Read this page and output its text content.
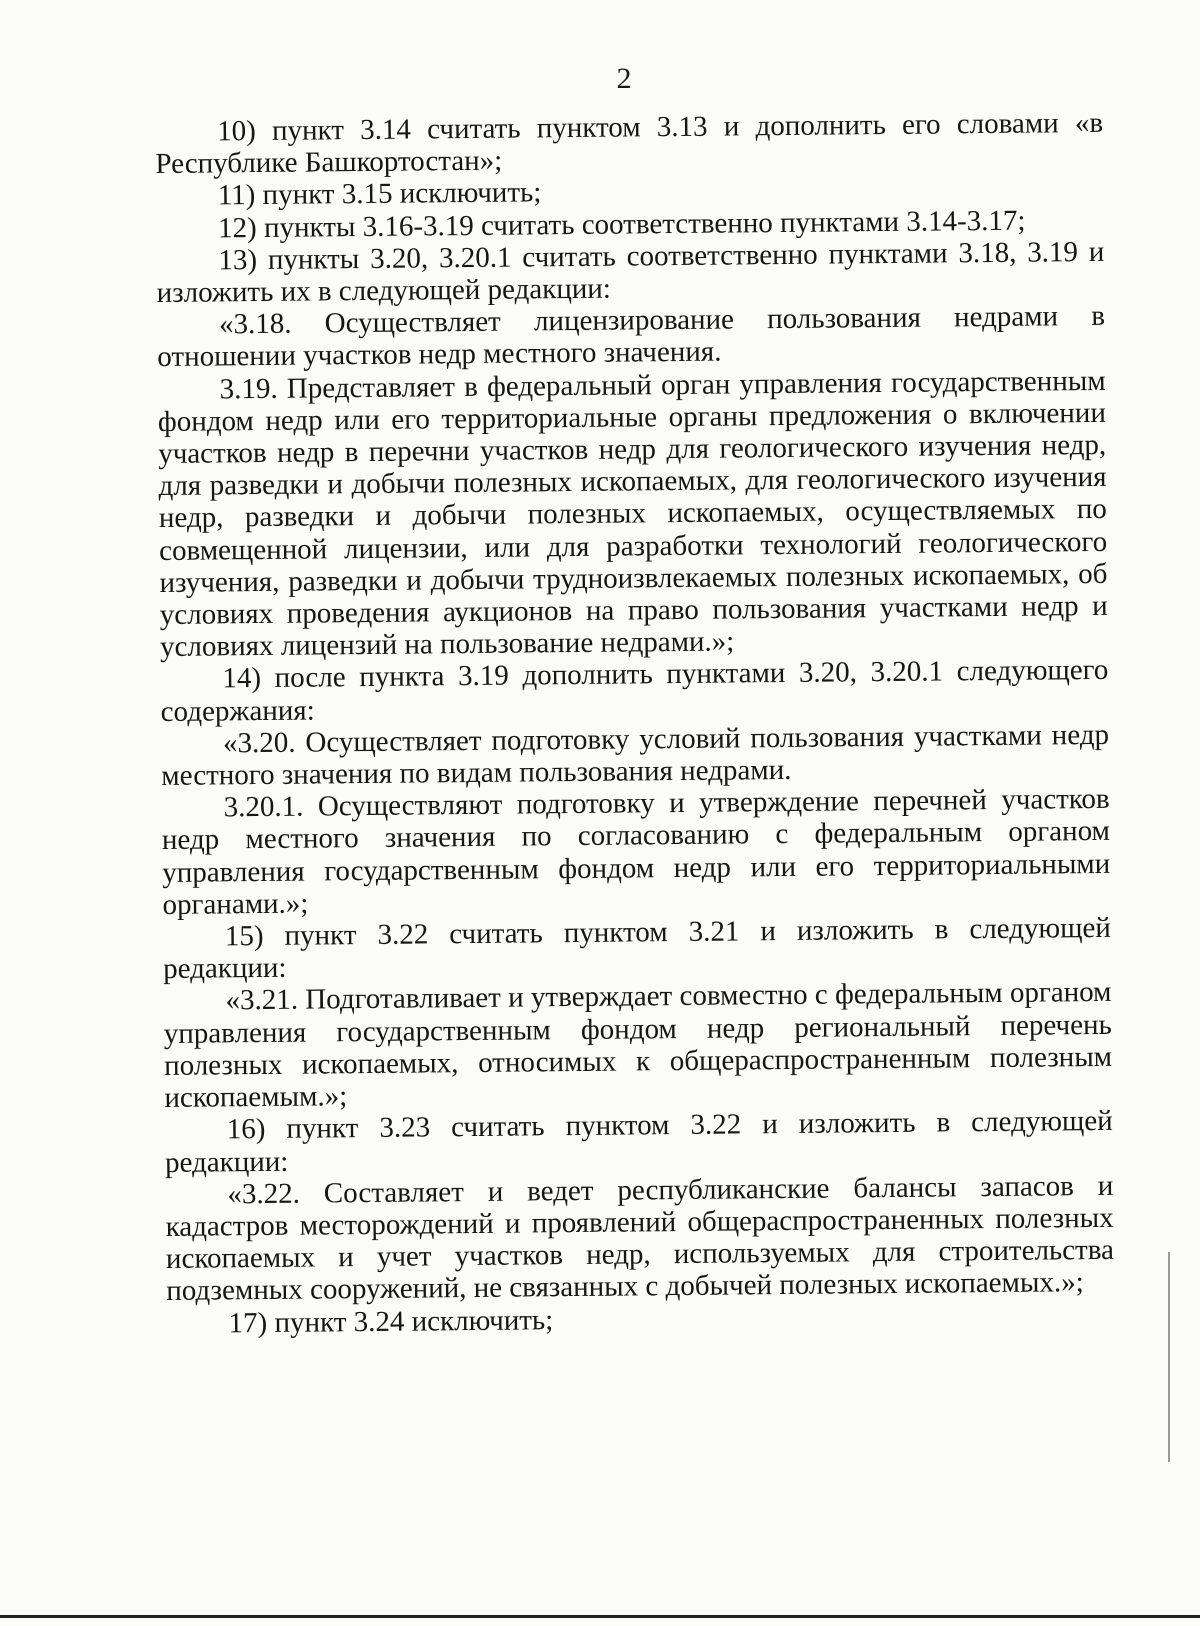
2

10) пункт 3.14 считать пунктом 3.13 и дополнить его словами «в Республике Башкортостан»;

11) пункт 3.15 исключить;

12) пункты 3.16-3.19 считать соответственно пунктами 3.14-3.17;

13) пункты 3.20, 3.20.1 считать соответственно пунктами 3.18, 3.19 и изложить их в следующей редакции:

«3.18. Осуществляет лицензирование пользования недрами в отношении участков недр местного значения.

3.19. Представляет в федеральный орган управления государственным фондом недр или его территориальные органы предложения о включении участков недр в перечни участков недр для геологического изучения недр, для разведки и добычи полезных ископаемых, для геологического изучения недр, разведки и добычи полезных ископаемых, осуществляемых по совмещенной лицензии, или для разработки технологий геологического изучения, разведки и добычи трудноизвлекаемых полезных ископаемых, об условиях проведения аукционов на право пользования участками недр и условиях лицензий на пользование недрами.»;

14) после пункта 3.19 дополнить пунктами 3.20, 3.20.1 следующего содержания:

«3.20. Осуществляет подготовку условий пользования участками недр местного значения по видам пользования недрами.

3.20.1. Осуществляют подготовку и утверждение перечней участков недр местного значения по согласованию с федеральным органом управления государственным фондом недр или его территориальными органами.»;

15) пункт 3.22 считать пунктом 3.21 и изложить в следующей редакции:

«3.21. Подготавливает и утверждает совместно с федеральным органом управления государственным фондом недр региональный перечень полезных ископаемых, относимых к общераспространенным полезным ископаемым.»;

16) пункт 3.23 считать пунктом 3.22 и изложить в следующей редакции:

«3.22. Составляет и ведет республиканские балансы запасов и кадастров месторождений и проявлений общераспространенных полезных ископаемых и учет участков недр, используемых для строительства подземных сооружений, не связанных с добычей полезных ископаемых.»;

17) пункт 3.24 исключить;
